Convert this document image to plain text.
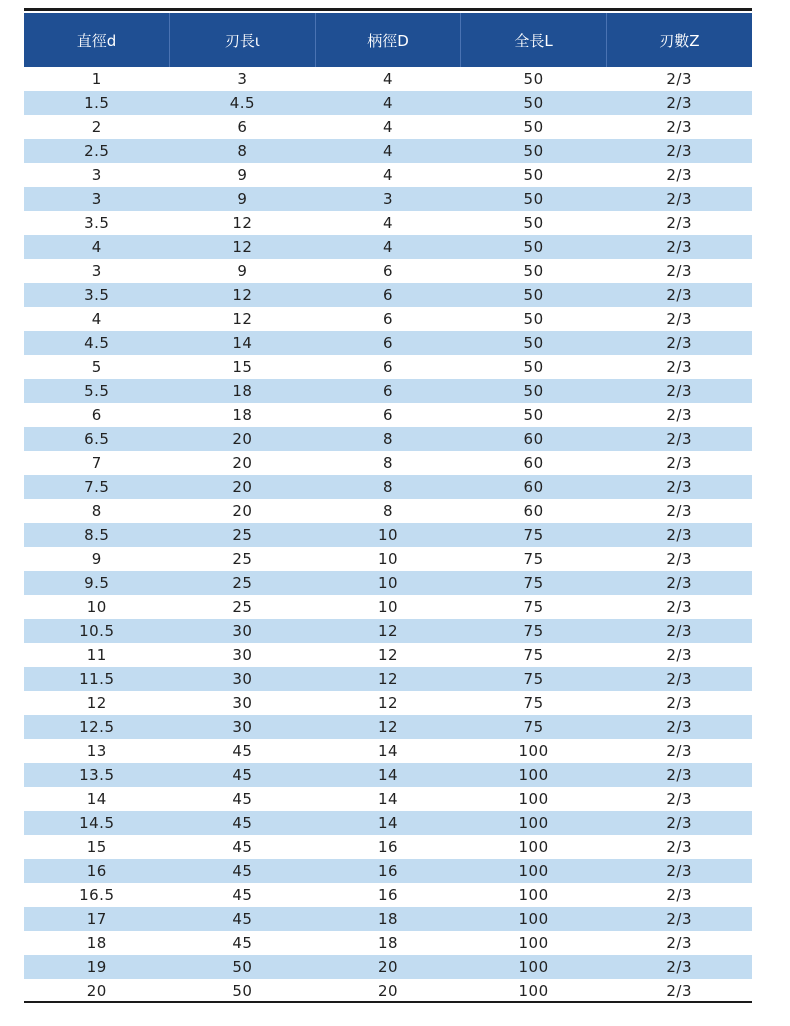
直徑d	刃長ι	柄徑D	全長L	刃數Z
1	3	4	50	2/3
1.5	4.5	4	50	2/3
2	6	4	50	2/3
2.5	8	4	50	2/3
3	9	4	50	2/3
3	9	3	50	2/3
3.5	12	4	50	2/3
4	12	4	50	2/3
3	9	6	50	2/3
3.5	12	6	50	2/3
4	12	6	50	2/3
4.5	14	6	50	2/3
5	15	6	50	2/3
5.5	18	6	50	2/3
6	18	6	50	2/3
6.5	20	8	60	2/3
7	20	8	60	2/3
7.5	20	8	60	2/3
8	20	8	60	2/3
8.5	25	10	75	2/3
9	25	10	75	2/3
9.5	25	10	75	2/3
10	25	10	75	2/3
10.5	30	12	75	2/3
11	30	12	75	2/3
11.5	30	12	75	2/3
12	30	12	75	2/3
12.5	30	12	75	2/3
13	45	14	100	2/3
13.5	45	14	100	2/3
14	45	14	100	2/3
14.5	45	14	100	2/3
15	45	16	100	2/3
16	45	16	100	2/3
16.5	45	16	100	2/3
17	45	18	100	2/3
18	45	18	100	2/3
19	50	20	100	2/3
20	50	20	100	2/3
